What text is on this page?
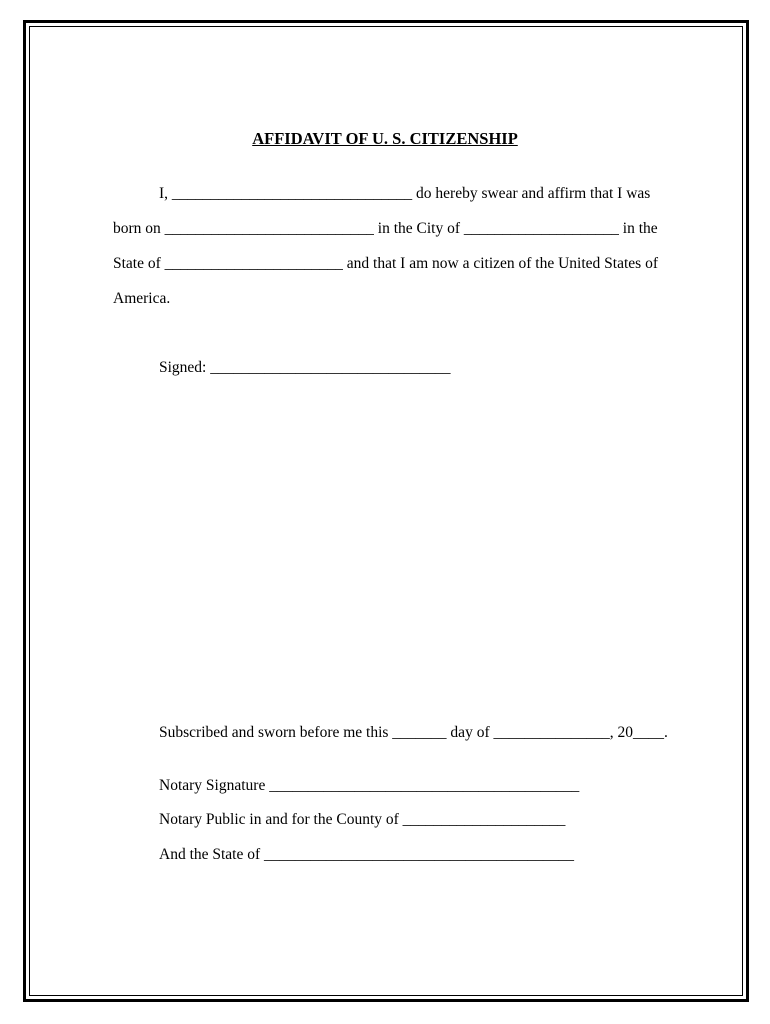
AFFIDAVIT OF U. S. CITIZENSHIP
I, _______________________________ do hereby swear and affirm that I was
born on ___________________________ in the City of ____________________ in the
State of _______________________ and that I am now a citizen of the United States of
America.
Signed: _______________________________
Subscribed and sworn before me this _______ day of _______________, 20____.
Notary Signature ________________________________________
Notary Public in and for the County of _____________________
And the State of ________________________________________
